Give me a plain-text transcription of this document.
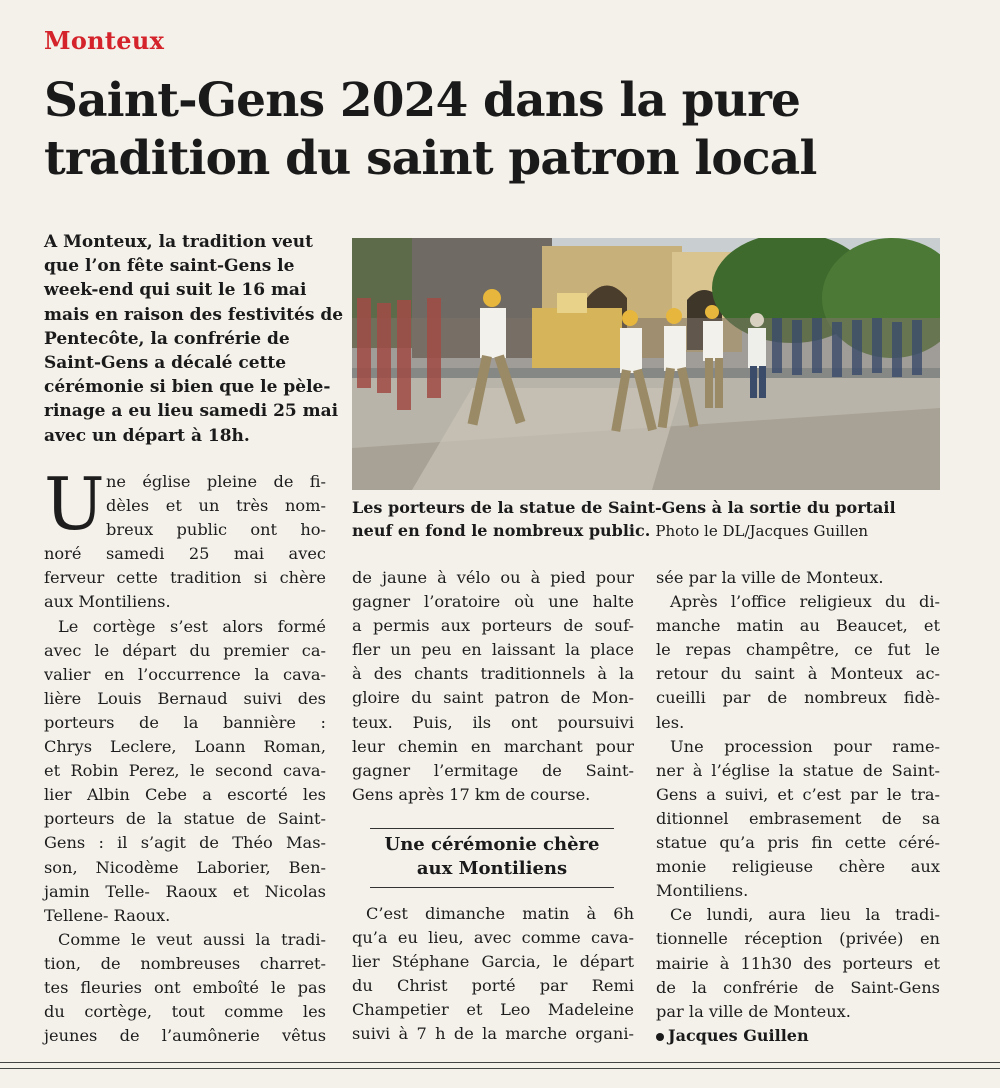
Monteux
Saint-Gens 2024 dans la pure
tradition du saint patron local
A Monteux, la tradition veut
que l’on fête saint-Gens le
week-end qui suit le 16 mai
mais en raison des festivités de
Pentecôte, la confrérie de
Saint-Gens a décalé cette
cérémonie si bien que le pèle-
rinage a eu lieu samedi 25 mai
avec un départ à 18h.
Les porteurs de la statue de Saint-Gens à la sortie du portail
neuf en fond le nombreux public. Photo le DL/Jacques Guillen
U ne église pleine de fi-
dèles et un très nom-
breux public ont ho-
noré samedi 25 mai avec
ferveur cette tradition si chère
aux Montiliens.
Le cortège s’est alors formé
avec le départ du premier ca-
valier en l’occurrence la cava-
lière Louis Bernaud suivi des
porteurs de la bannière :
Chrys Leclere, Loann Roman,
et Robin Perez, le second cava-
lier Albin Cebe a escorté les
porteurs de la statue de Saint-
Gens : il s’agit de Théo Mas-
son, Nicodème Laborier, Ben-
jamin Telle- Raoux et Nicolas
Tellene- Raoux.
Comme le veut aussi la tradi-
tion, de nombreuses charret-
tes fleuries ont emboîté le pas
du cortège, tout comme les
jeunes de l’aumônerie vêtus
de jaune à vélo ou à pied pour
gagner l’oratoire où une halte
a permis aux porteurs de souf-
fler un peu en laissant la place
à des chants traditionnels à la
gloire du saint patron de Mon-
teux. Puis, ils ont poursuivi
leur chemin en marchant pour
gagner l’ermitage de Saint-
Gens après 17 km de course.
Une cérémonie chère aux Montiliens
C’est dimanche matin à 6h
qu’a eu lieu, avec comme cava-
lier Stéphane Garcia, le départ
du Christ porté par Remi
Champetier et Leo Madeleine
suivi à 7 h de la marche organi-
sée par la ville de Monteux.
Après l’office religieux du di-
manche matin au Beaucet, et
le repas champêtre, ce fut le
retour du saint à Monteux ac-
cueilli par de nombreux fidè-
les.
Une procession pour rame-
ner à l’église la statue de Saint-
Gens a suivi, et c’est par le tra-
ditionnel embrasement de sa
statue qu’a pris fin cette céré-
monie religieuse chère aux
Montiliens.
Ce lundi, aura lieu la tradi-
tionnelle réception (privée) en
mairie à 11h30 des porteurs et
de la confrérie de Saint-Gens
par la ville de Monteux.
Jacques Guillen
